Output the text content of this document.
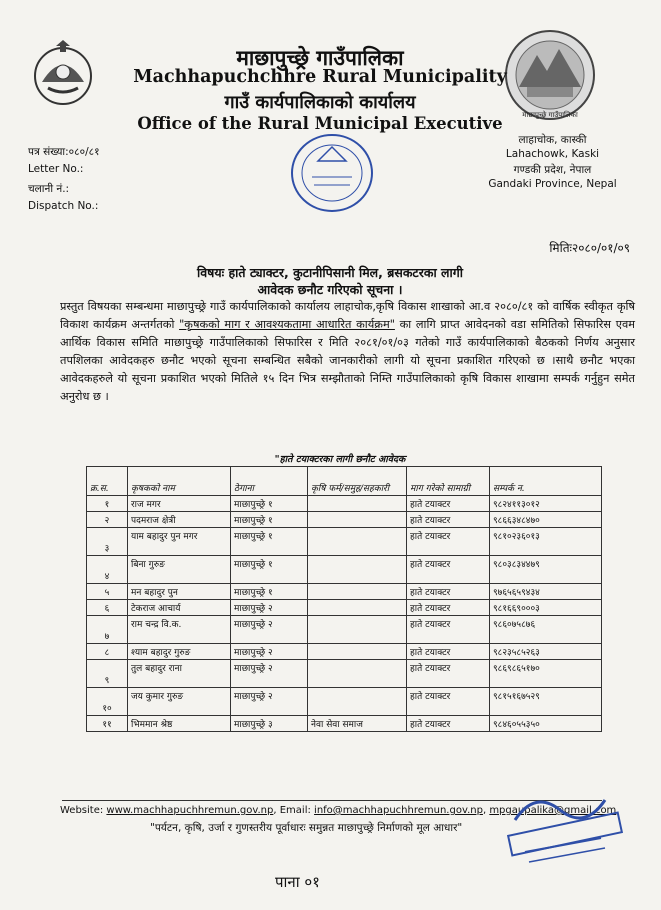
माछापुच्छ्रे गाउँपालिका
माछापुच्छ्रे गाउँपालिका
Machhapuchchhre Rural Municipality
गाउँ कार्यपालिकाको कार्यालय
Office of the Rural Municipal Executive
लाहाचोक, कास्की
Lahachowk, Kaski
गण्डकी प्रदेश, नेपाल
Gandaki Province, Nepal
पत्र संख्या:०८०/८१
Letter No.:
चलानी नं.:
Dispatch No.:
मितिः२०८०/०१/०९
विषयः हाते ट्याक्टर, कुटानीपिसानी मिल, ब्रसकटरका लागी
आवेदक छनौट गरिएको सूचना ।
प्रस्तुत विषयका सम्बन्धमा माछापुच्छ्रे गाउँ कार्यपालिकाको कार्यालय लाहाचोक,कृषि विकास शाखाको आ.व २०८०/८१ को वार्षिक स्वीकृत कृषि विकाश कार्यक्रम अन्तर्गतको "कृषकको माग र आवश्यकतामा आधारित कार्यक्रम" का लागि प्राप्त आवेदनको वडा समितिको सिफारिस एवम आर्थिक विकास समिति माछापुच्छ्रे गाउँपालिकाको सिफारिस र मिति २०८१/०१/०३ गतेको गाउँ कार्यपालिकाको बैठकको निर्णय अनुसार तपशिलका आवेदकहरु छनौट भएको सूचना सम्बन्धित सबैको जानकारीको लागी यो सूचना प्रकाशित गरिएको छ ।साथै छनौट भएका आवेदकहरुले यो सूचना प्रकाशित भएको मितिले १५ दिन भित्र सम्झौताको निम्ति गाउँपालिकाको कृषि विकास शाखामा सम्पर्क गर्नुहुन समेत अनुरोध छ ।
"हाते टयाक्टरका लागी छनौट आवेदक
क्र.स.	कृषकको नाम	ठेगाना	कृषि फर्म/समुह/सहकारी	माग गरेको सामाग्री	सम्पर्क न.
१	राज मगर	माछापुच्छ्रे १		हाते टयाक्टर	९८२४११३०१२
२	पदमराज क्षेत्री	माछापुच्छ्रे १		हाते टयाक्टर	९८६६३४८४७०
३	याम बहादुर पुन मगर	माछापुच्छ्रे १		हाते टयाक्टर	९८१०२३६०१३
४	बिना गुरुङ	माछापुच्छ्रे १		हाते टयाक्टर	९८०३८३४४७९
५	मन बहादुर पुन	माछापुच्छ्रे १		हाते टयाक्टर	९७६५६५९४३४
६	टेकराज आचार्य	माछापुच्छ्रे २		हाते टयाक्टर	९८१६६९०००३
७	राम चन्द्र वि.क.	माछापुच्छ्रे २		हाते टयाक्टर	९८६०७५८७६
८	श्याम बहादुर गुरुङ	माछापुच्छ्रे २		हाते टयाक्टर	९८२३५८५२६३
९	तुल बहादुर राना	माछापुच्छ्रे २		हाते टयाक्टर	९८६९८६५१७०
१०	जय कुमार गुरुङ	माछापुच्छ्रे २		हाते टयाक्टर	९८१५१६७५२९
११	भिममान श्रेष्ठ	माछापुच्छ्रे ३	नेवा सेवा समाज	हाते टयाक्टर	९८४६०५५३५०
Website: www.machhapuchhremun.gov.np, Email: info@machhapuchhremun.gov.np, mpgaupalika@gmail.com
"पर्यटन, कृषि, उर्जा र गुणस्तरीय पूर्वाधारः समुन्नत माछापुच्छ्रे निर्माणको मूल आधार"
पाना ०१
